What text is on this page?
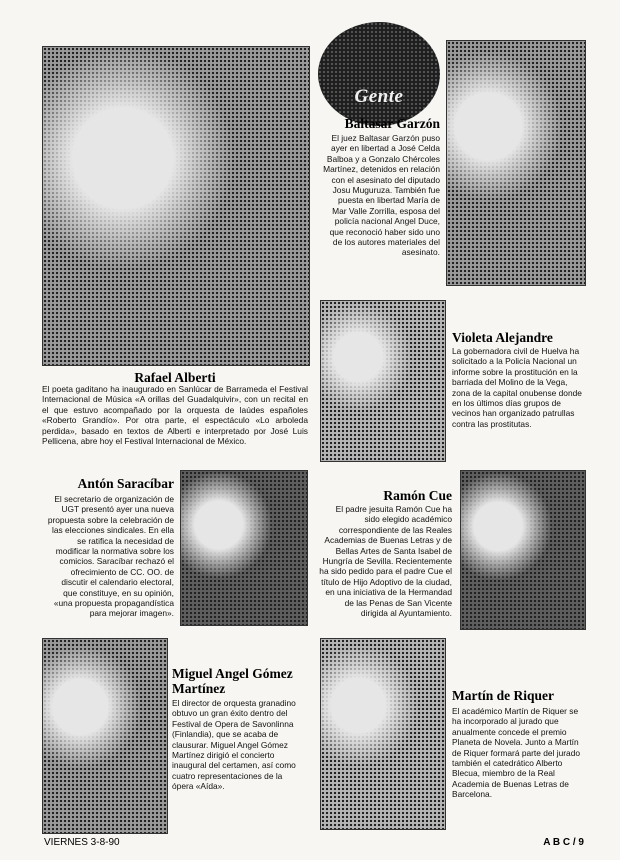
Gente
Rafael Alberti

El poeta gaditano ha inaugurado en Sanlúcar de Barrameda el Festival Internacional de Música «A orillas del Guadalquivir», con un recital en el que estuvo acompañado por la orquesta de laúdes españoles «Roberto Grandío». Por otra parte, el espectáculo «Lo arboleda perdida», basado en textos de Alberti e interpretado por José Luis Pellicena, abre hoy el Festival Internacional de México.

Baltasar Garzón

El juez Baltasar Garzón puso ayer en libertad a José Celda Balboa y a Gonzalo Chércoles Martínez, detenidos en relación con el asesinato del diputado Josu Muguruza. También fue puesta en libertad María de Mar Valle Zorrilla, esposa del policía nacional Angel Duce, que reconoció haber sido uno de los autores materiales del asesinato.

Violeta Alejandre

La gobernadora civil de Huelva ha solicitado a la Policía Nacional un informe sobre la prostitución en la barriada del Molino de la Vega, zona de la capital onubense donde en los últimos días grupos de vecinos han organizado patrullas contra las prostitutas.

Antón Saracíbar

El secretario de organización de UGT presentó ayer una nueva propuesta sobre la celebración de las elecciones sindicales. En ella se ratifica la necesidad de modificar la normativa sobre los comicios. Saracíbar rechazó el ofrecimiento de CC. OO. de discutir el calendario electoral, que constituye, en su opinión, «una propuesta propagandística para mejorar imagen».

Ramón Cue

El padre jesuita Ramón Cue ha sido elegido académico correspondiente de las Reales Academias de Buenas Letras y de Bellas Artes de Santa Isabel de Hungría de Sevilla. Recientemente ha sido pedido para el padre Cue el título de Hijo Adoptivo de la ciudad, en una iniciativa de la Hermandad de las Penas de San Vicente dirigida al Ayuntamiento.

Miguel Angel Gómez Martínez

El director de orquesta granadino obtuvo un gran éxito dentro del Festival de Opera de Savonlinna (Finlandia), que se acaba de clausurar. Miguel Angel Gómez Martínez dirigió el concierto inaugural del certamen, así como cuatro representaciones de la ópera «Aída».

Martín de Riquer

El académico Martín de Riquer se ha incorporado al jurado que anualmente concede el premio Planeta de Novela. Junto a Martín de Riquer formará parte del jurado también el catedrático Alberto Blecua, miembro de la Real Academia de Buenas Letras de Barcelona.

VIERNES 3-8-90	A B C / 9
